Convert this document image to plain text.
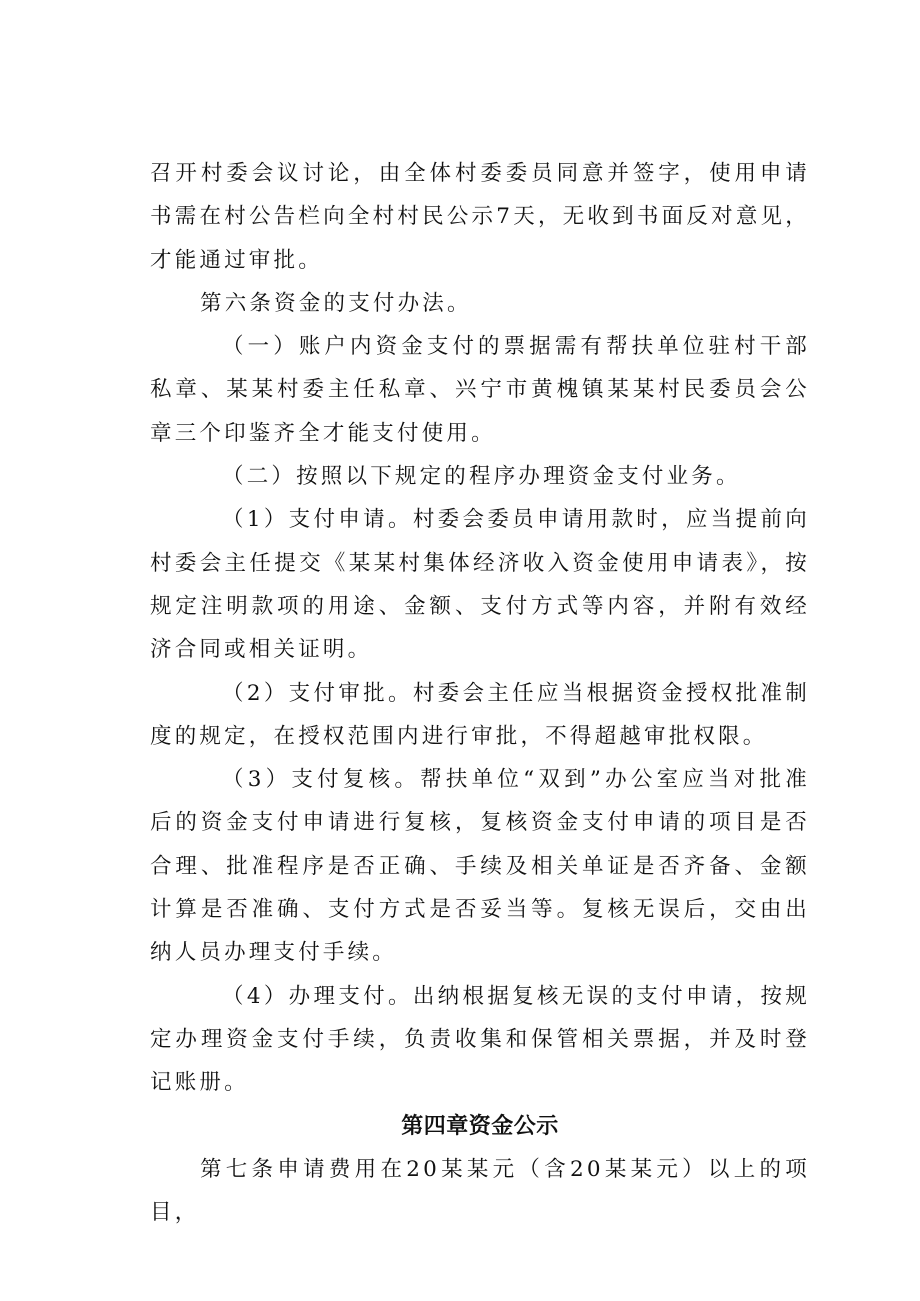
召开村委会议讨论，由全体村委委员同意并签字，使用申请书需在村公告栏向全村村民公示7天，无收到书面反对意见，才能通过审批。

第六条资金的支付办法。

（一）账户内资金支付的票据需有帮扶单位驻村干部私章、某某村委主任私章、兴宁市黄槐镇某某村民委员会公章三个印鉴齐全才能支付使用。

（二）按照以下规定的程序办理资金支付业务。

（1）支付申请。村委会委员申请用款时，应当提前向村委会主任提交《某某村集体经济收入资金使用申请表》，按规定注明款项的用途、金额、支付方式等内容，并附有效经济合同或相关证明。

（2）支付审批。村委会主任应当根据资金授权批准制度的规定，在授权范围内进行审批，不得超越审批权限。

（3）支付复核。帮扶单位“双到”办公室应当对批准后的资金支付申请进行复核，复核资金支付申请的项目是否合理、批准程序是否正确、手续及相关单证是否齐备、金额计算是否准确、支付方式是否妥当等。复核无误后，交由出纳人员办理支付手续。

（4）办理支付。出纳根据复核无误的支付申请，按规定办理资金支付手续，负责收集和保管相关票据，并及时登记账册。

第四章资金公示

第七条申请费用在20某某元（含20某某元）以上的项目，
